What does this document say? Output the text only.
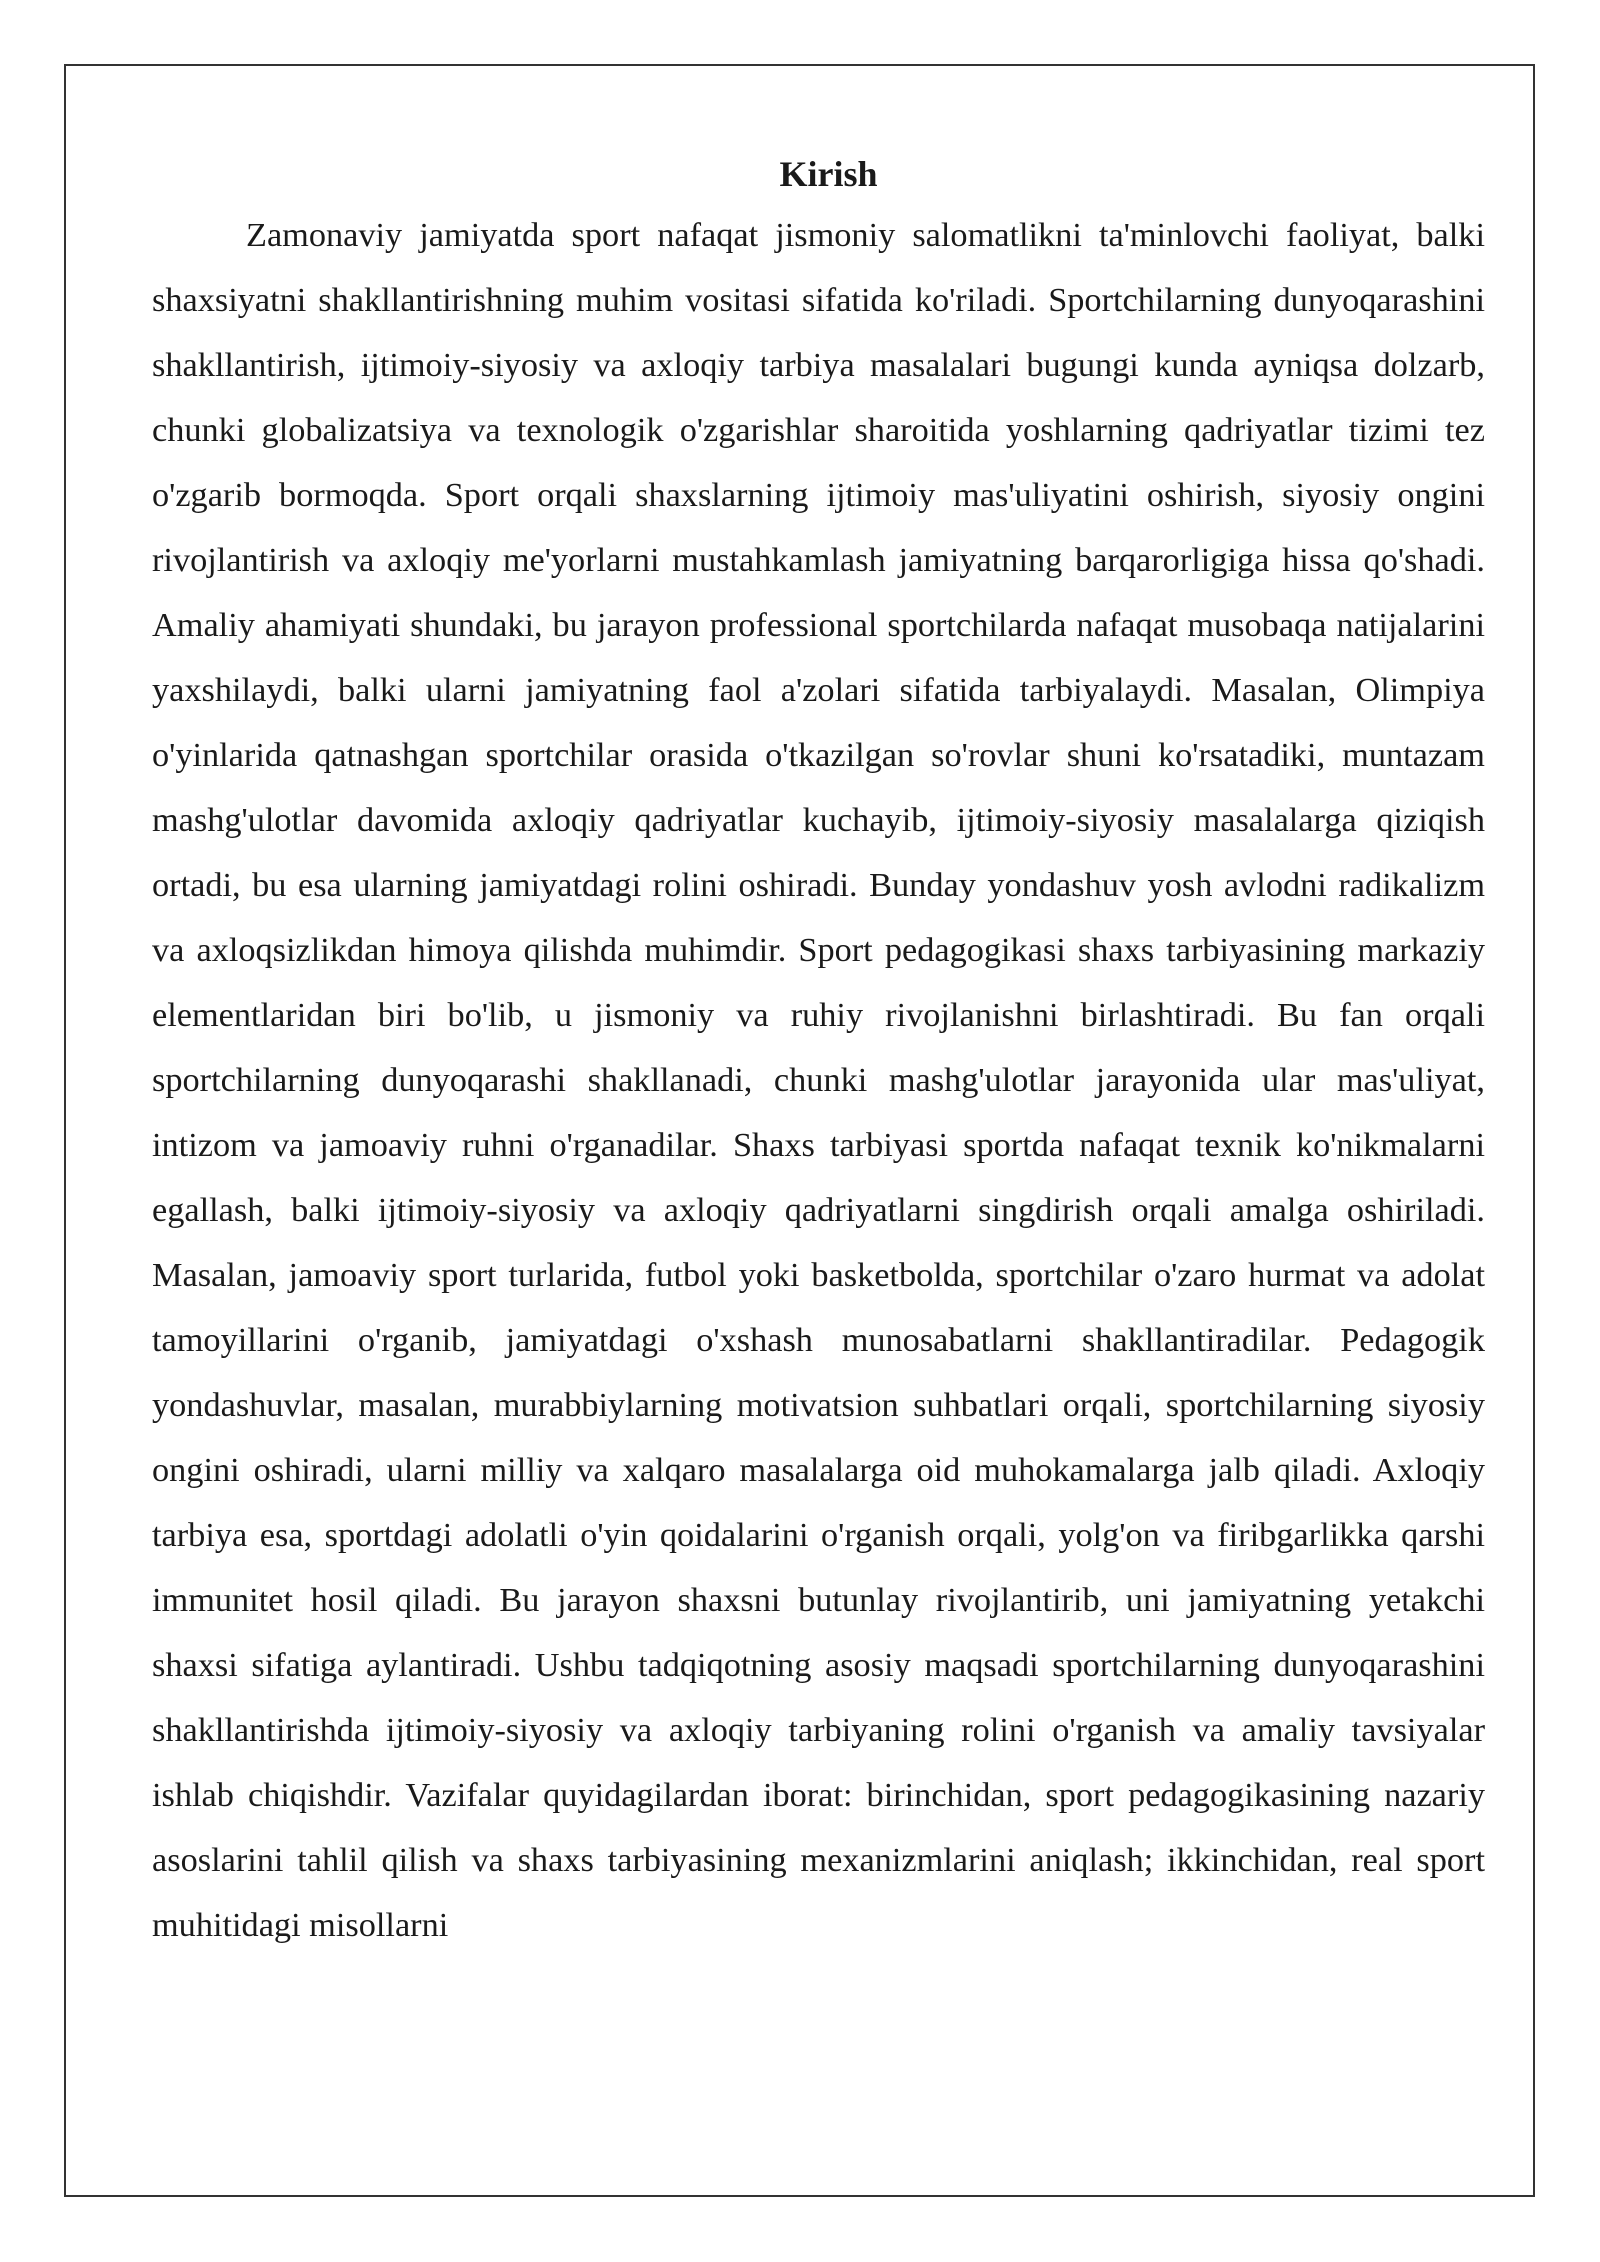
Kirish

Zamonaviy jamiyatda sport nafaqat jismoniy salomatlikni ta'minlovchi faoliyat, balki shaxsiyatni shakllantirishning muhim vositasi sifatida ko'riladi. Sportchilarning dunyoqarashini shakllantirish, ijtimoiy-siyosiy va axloqiy tarbiya masalalari bugungi kunda ayniqsa dolzarb, chunki globalizatsiya va texnologik o'zgarishlar sharoitida yoshlarning qadriyatlar tizimi tez o'zgarib bormoqda. Sport orqali shaxslarning ijtimoiy mas'uliyatini oshirish, siyosiy ongini rivojlantirish va axloqiy me'yorlarni mustahkamlash jamiyatning barqarorligiga hissa qo'shadi. Amaliy ahamiyati shundaki, bu jarayon professional sportchilarda nafaqat musobaqa natijalarini yaxshilaydi, balki ularni jamiyatning faol a'zolari sifatida tarbiyalaydi. Masalan, Olimpiya o'yinlarida qatnashgan sportchilar orasida o'tkazilgan so'rovlar shuni ko'rsatadiki, muntazam mashg'ulotlar davomida axloqiy qadriyatlar kuchayib, ijtimoiy-siyosiy masalalarga qiziqish ortadi, bu esa ularning jamiyatdagi rolini oshiradi. Bunday yondashuv yosh avlodni radikalizm va axloqsizlikdan himoya qilishda muhimdir. Sport pedagogikasi shaxs tarbiyasining markaziy elementlaridan biri bo'lib, u jismoniy va ruhiy rivojlanishni birlashtiradi. Bu fan orqali sportchilarning dunyoqarashi shakllanadi, chunki mashg'ulotlar jarayonida ular mas'uliyat, intizom va jamoaviy ruhni o'rganadilar. Shaxs tarbiyasi sportda nafaqat texnik ko'nikmalarni egallash, balki ijtimoiy-siyosiy va axloqiy qadriyatlarni singdirish orqali amalga oshiriladi. Masalan, jamoaviy sport turlarida, futbol yoki basketbolda, sportchilar o'zaro hurmat va adolat tamoyillarini o'rganib, jamiyatdagi o'xshash munosabatlarni shakllantiradilar. Pedagogik yondashuvlar, masalan, murabbiylarning motivatsion suhbatlari orqali, sportchilarning siyosiy ongini oshiradi, ularni milliy va xalqaro masalalarga oid muhokamalarga jalb qiladi. Axloqiy tarbiya esa, sportdagi adolatli o'yin qoidalarini o'rganish orqali, yolg'on va firibgarlikka qarshi immunitet hosil qiladi. Bu jarayon shaxsni butunlay rivojlantirib, uni jamiyatning yetakchi shaxsi sifatiga aylantiradi. Ushbu tadqiqotning asosiy maqsadi sportchilarning dunyoqarashini shakllantirishda ijtimoiy-siyosiy va axloqiy tarbiyaning rolini o'rganish va amaliy tavsiyalar ishlab chiqishdir. Vazifalar quyidagilardan iborat: birinchidan, sport pedagogikasining nazariy asoslarini tahlil qilish va shaxs tarbiyasining mexanizmlarini aniqlash; ikkinchidan, real sport muhitidagi misollarni
